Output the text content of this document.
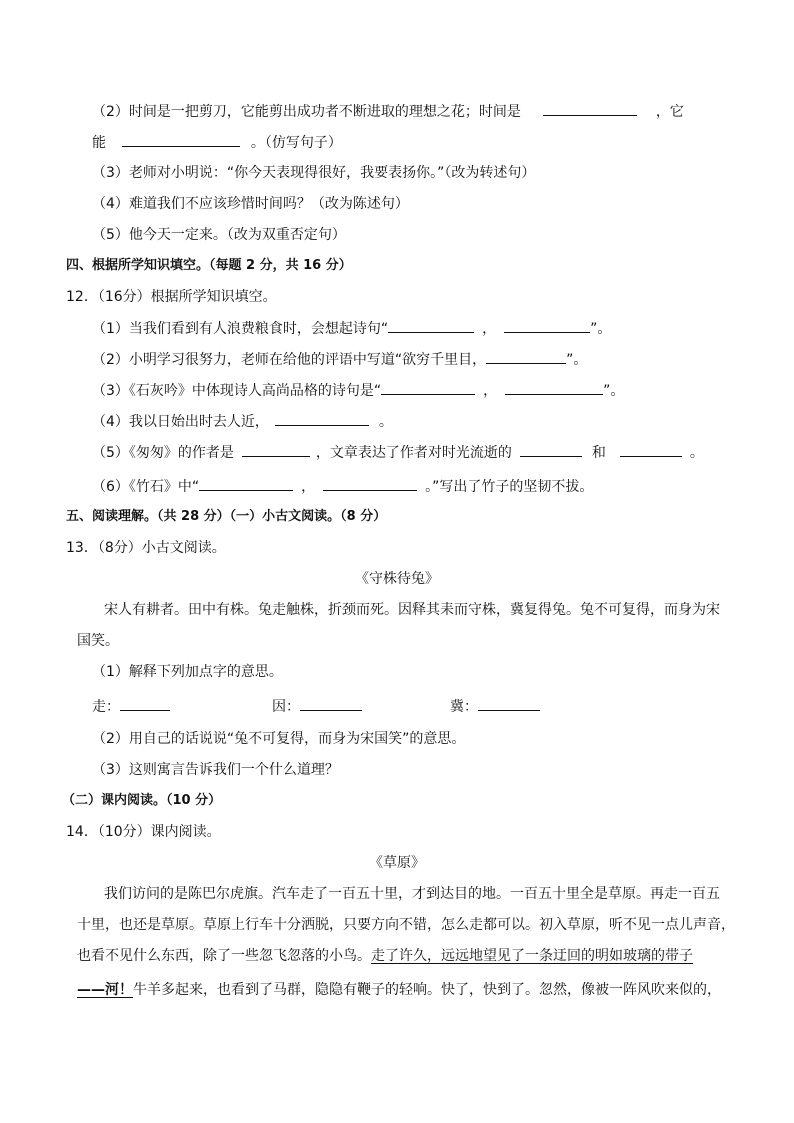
（2）时间是一把剪刀，它能剪出成功者不断进取的理想之花；时间是	，它
能	。（仿写句子）
（3）老师对小明说：“你今天表现得很好，我要表扬你。”（改为转述句）
（4）难道我们不应该珍惜时间吗？（改为陈述句）
（5）他今天一定来。（改为双重否定句）
四、根据所学知识填空。（每题 2 分，共 16 分）
12．（16分）根据所学知识填空。
（1）当我们看到有人浪费粮食时，会想起诗句“	，	”。
（2）小明学习很努力，老师在给他的评语中写道“欲穷千里目，	”。
（3）《石灰吟》中体现诗人高尚品格的诗句是“	，	”。
（4）我以日始出时去人近，	。
（5）《匆匆》的作者是	，文章表达了作者对时光流逝的	和	。
（6）《竹石》中“	，	。”写出了竹子的坚韧不拔。
五、阅读理解。（共 28 分）（一）小古文阅读。（8 分）
13．（8分）小古文阅读。
《守株待兔》
宋人有耕者。田中有株。兔走触株，折颈而死。因释其耒而守株，冀复得兔。兔不可复得，而身为宋
国笑。
（1）解释下列加点字的意思。
走：	因：	冀：
（2）用自己的话说说“兔不可复得，而身为宋国笑”的意思。
（3）这则寓言告诉我们一个什么道理？
（二）课内阅读。（10 分）
14．（10分）课内阅读。
《草原》
我们访问的是陈巴尔虎旗。汽车走了一百五十里，才到达目的地。一百五十里全是草原。再走一百五
十里，也还是草原。草原上行车十分洒脱，只要方向不错，怎么走都可以。初入草原，听不见一点儿声音，
也看不见什么东西，除了一些忽飞忽落的小鸟。走了许久，远远地望见了一条迂回的明如玻璃的带子
——河！牛羊多起来，也看到了马群，隐隐有鞭子的轻响。快了，快到了。忽然，像被一阵风吹来似的，
